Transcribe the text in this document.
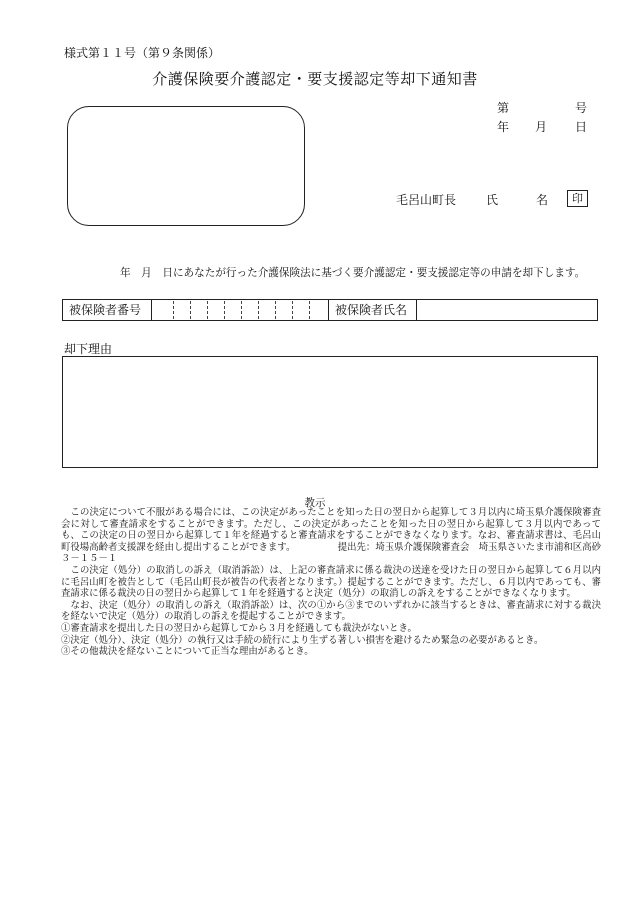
様式第１１号（第９条関係）
介護保険要介護認定・要支援認定等却下通知書
第	号
年 月 日
毛呂山町長 氏	名	印
年　月　日にあなたが行った介護保険法に基づく要介護認定・要支援認定等の申請を却下します。
被保険者番号	被保険者氏名
却下理由
教示

　この決定について不服がある場合には、この決定があったことを知った日の翌日から起算して３月以内に埼玉県介護保険審査会に対して審査請求をすることができます。ただし、この決定があったことを知った日の翌日から起算して３月以内であっても、この決定の日の翌日から起算して１年を経過すると審査請求をすることができなくなります。なお、審査請求書は、毛呂山町役場高齢者支援課を経由し提出することができます。　　　　　提出先：埼玉県介護保険審査会　埼玉県さいたま市浦和区高砂３－１５－１

　この決定（処分）の取消しの訴え（取消訴訟）は、上記の審査請求に係る裁決の送達を受けた日の翌日から起算して６月以内に毛呂山町を被告として（毛呂山町長が被告の代表者となります。）提起することができます。ただし、６月以内であっても、審査請求に係る裁決の日の翌日から起算して１年を経過すると決定（処分）の取消しの訴えをすることができなくなります。

　なお、決定（処分）の取消しの訴え（取消訴訟）は、次の①から③までのいずれかに該当するときは、審査請求に対する裁決を経ないで決定（処分）の取消しの訴えを提起することができます。

①審査請求を提出した日の翌日から起算してから３月を経過しても裁決がないとき。

②決定（処分）、決定（処分）の執行又は手続の続行により生ずる著しい損害を避けるため緊急の必要があるとき。

③その他裁決を経ないことについて正当な理由があるとき。
